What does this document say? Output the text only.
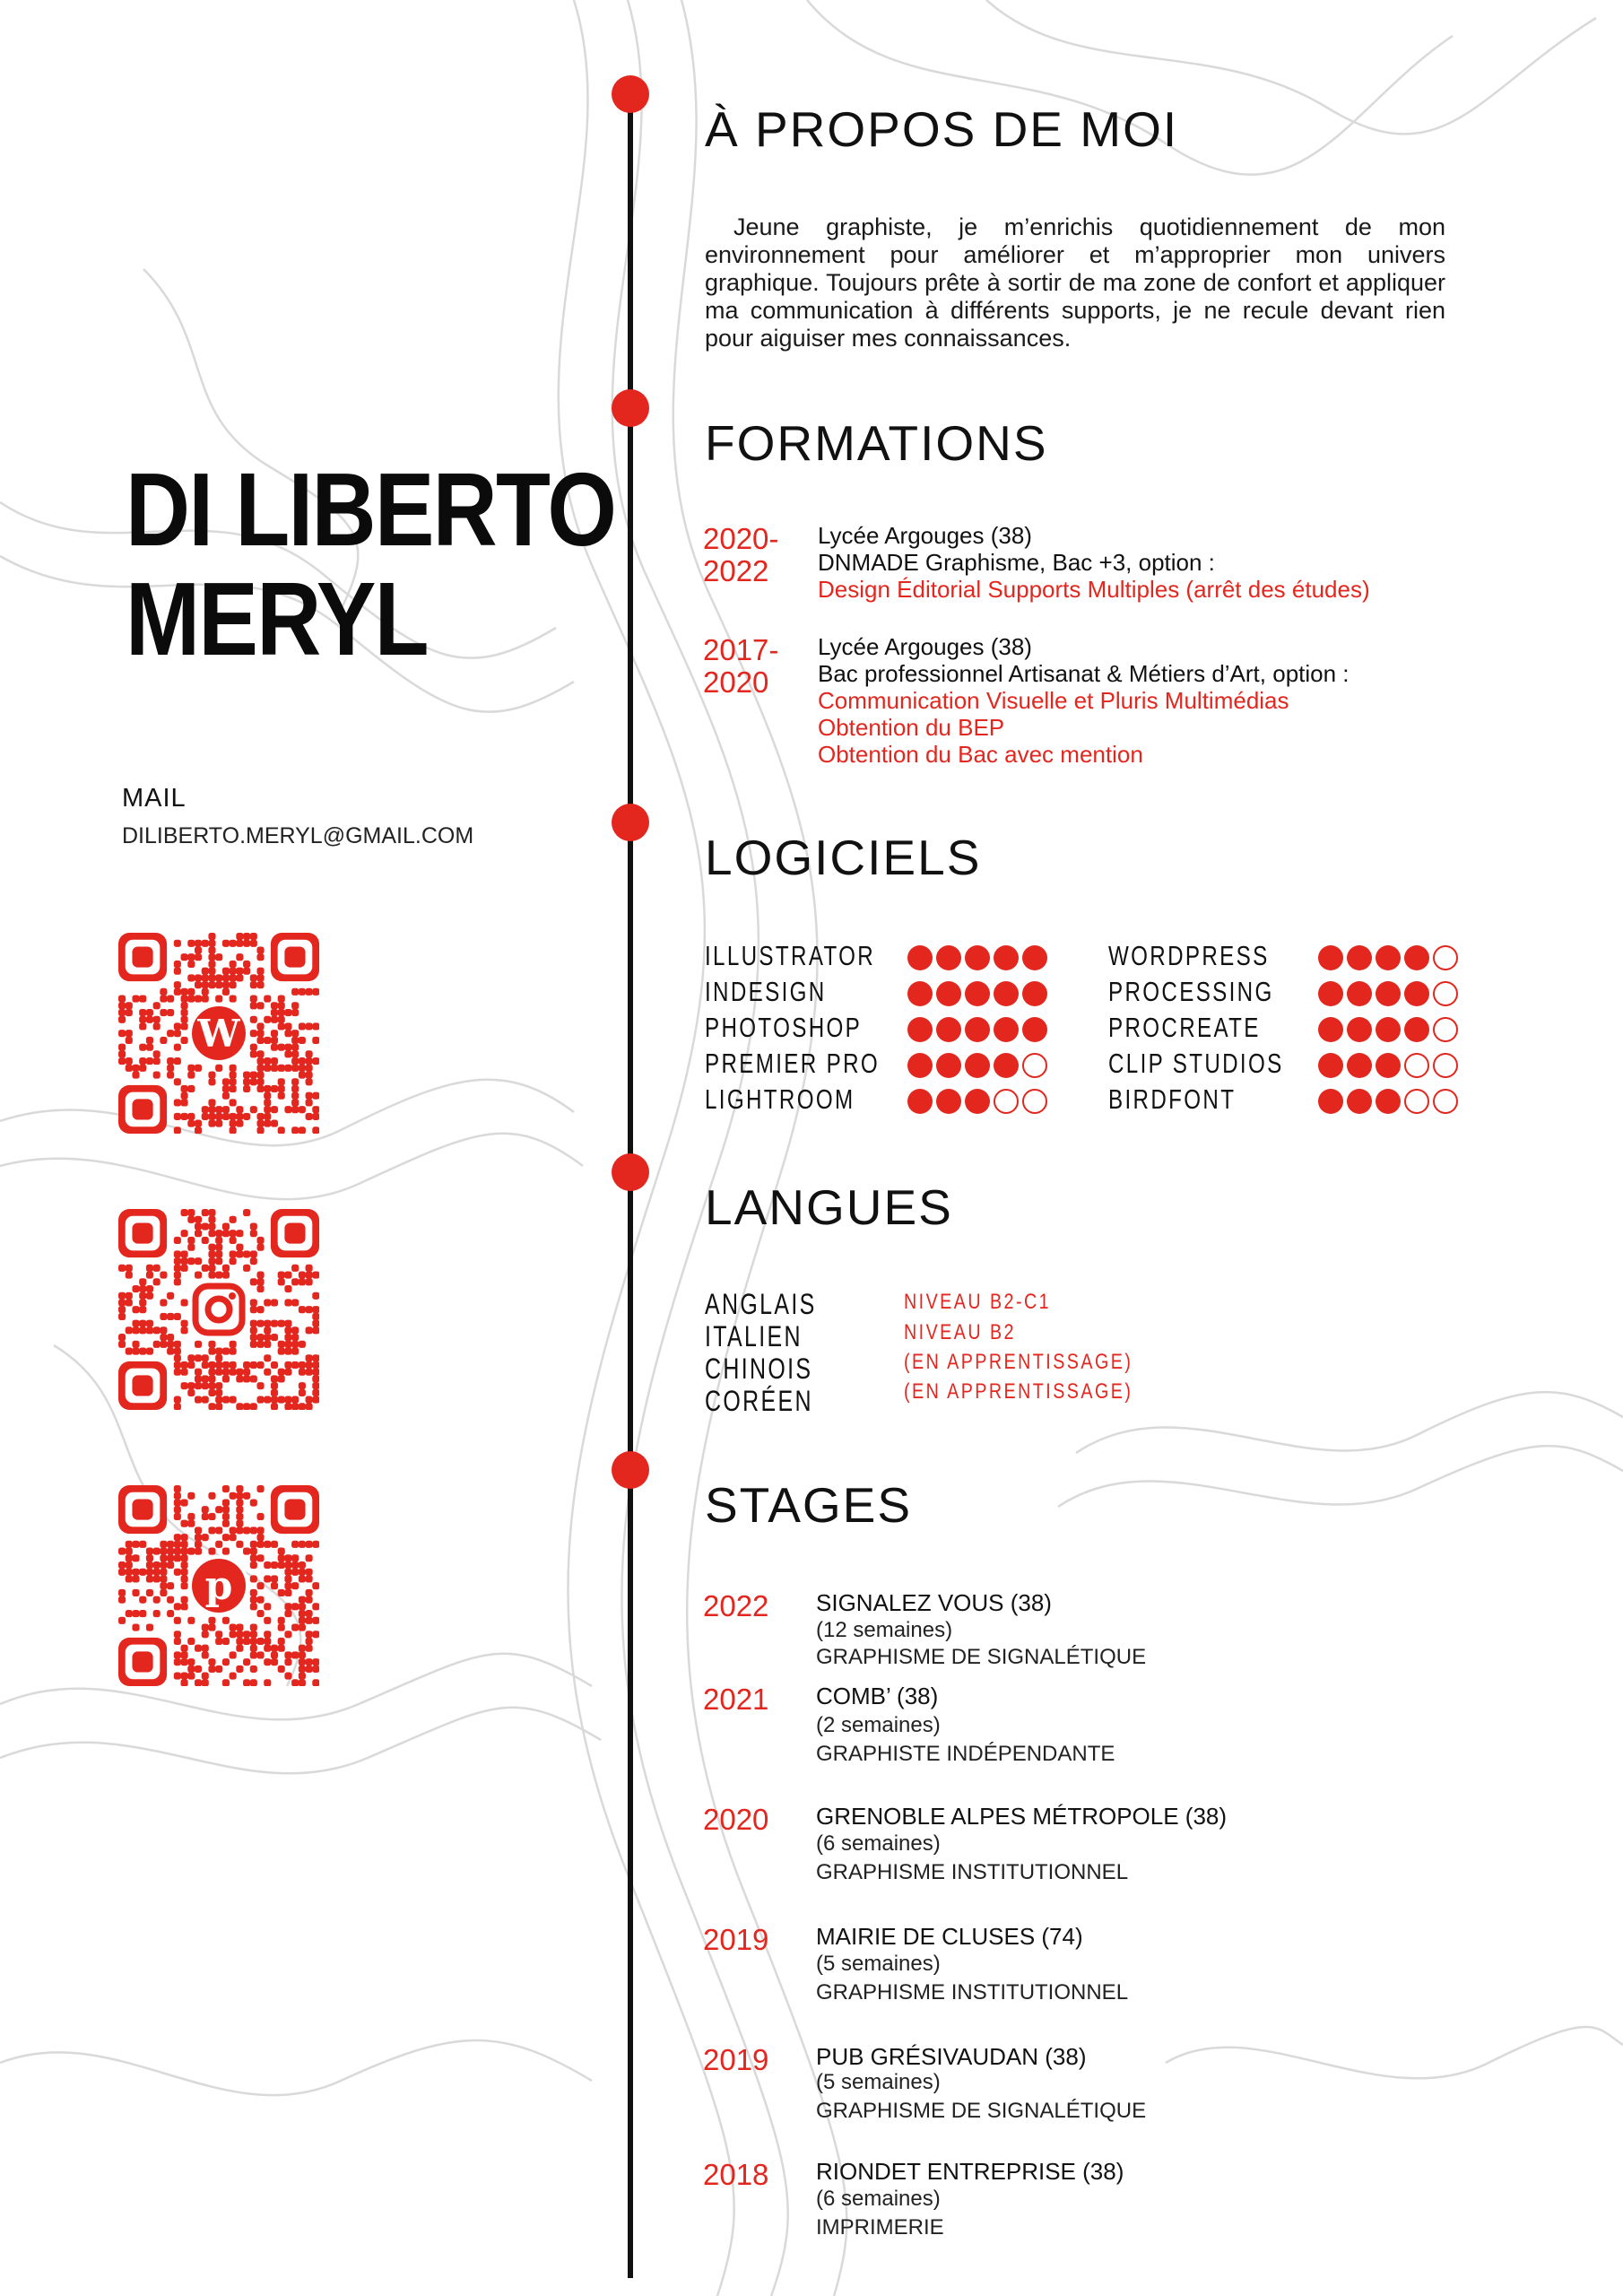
DI LIBERTO
MERYL
MAIL
DILIBERTO.MERYL@GMAIL.COM
W
p
À PROPOS DE MOI
Jeune graphiste, je m’enrichis quotidiennement de mon environnement pour améliorer et m’approprier mon univers graphique. Toujours prête à sortir de ma zone de confort et appliquer ma communication à différents supports, je ne recule devant rien pour aiguiser mes connaissances.
FORMATIONS
2020-
2022
Lycée Argouges (38)
DNMADE Graphisme, Bac +3, option :
Design Éditorial Supports Multiples (arrêt des études)
2017-
2020
Lycée Argouges (38)
Bac professionnel Artisanat & Métiers d’Art, option :
Communication Visuelle et Pluris Multimédias
Obtention du BEP
Obtention du Bac avec mention
LOGICIELS
ILLUSTRATOR
INDESIGN
PHOTOSHOP
PREMIER PRO
LIGHTROOM
WORDPRESS
PROCESSING
PROCREATE
CLIP STUDIOS
BIRDFONT
LANGUES
ANGLAIS
ITALIEN
CHINOIS
CORÉEN
NIVEAU B2-C1
NIVEAU B2
(EN APPRENTISSAGE)
(EN APPRENTISSAGE)
STAGES
2022 SIGNALEZ VOUS (38)
(12 semaines)
GRAPHISME DE SIGNALÉTIQUE
2021 COMB’ (38)
(2 semaines)
GRAPHISTE INDÉPENDANTE
2020 GRENOBLE ALPES MÉTROPOLE (38)
(6 semaines)
GRAPHISME INSTITUTIONNEL
2019 MAIRIE DE CLUSES (74)
(5 semaines)
GRAPHISME INSTITUTIONNEL
2019 PUB GRÉSIVAUDAN (38)
(5 semaines)
GRAPHISME DE SIGNALÉTIQUE
2018 RIONDET ENTREPRISE (38)
(6 semaines)
IMPRIMERIE
